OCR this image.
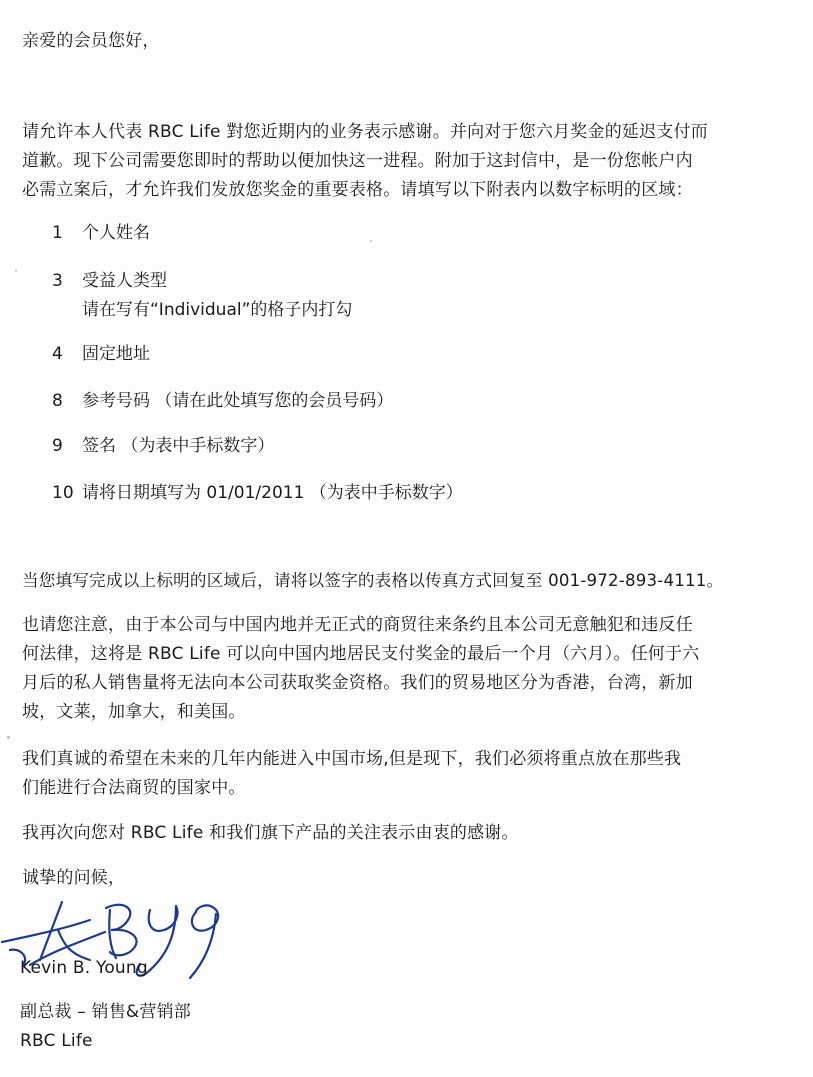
亲爱的会员您好，
请允许本人代表 RBC Life 對您近期内的业务表示感谢。并向对于您六月奖金的延迟支付而
道歉。现下公司需要您即时的帮助以便加快这一进程。附加于这封信中，是一份您帐户内
必需立案后，才允许我们发放您奖金的重要表格。请填写以下附表内以数字标明的区域：
1 个人姓名
3 受益人类型
请在写有“Individual”的格子内打勾
4 固定地址
8 参考号码 （请在此处填写您的会员号码）
9 签名 （为表中手标数字）
10 请将日期填写为 01/01/2011 （为表中手标数字）
当您填写完成以上标明的区域后，请将以签字的表格以传真方式回复至 001-972-893-4111。
也请您注意，由于本公司与中国内地并无正式的商贸往来条约且本公司无意触犯和违反任
何法律，这将是 RBC Life 可以向中国内地居民支付奖金的最后一个月（六月）。任何于六
月后的私人销售量将无法向本公司获取奖金资格。我们的贸易地区分为香港，台湾，新加
坡，文莱，加拿大，和美国。
我们真诚的希望在未来的几年内能进入中国市场,但是现下，我们必须将重点放在那些我
们能进行合法商贸的国家中。
我再次向您对 RBC Life 和我们旗下产品的关注表示由衷的感谢。
诚挚的问候，
Kevin B. Young
副总裁 – 销售&营销部
RBC Life
